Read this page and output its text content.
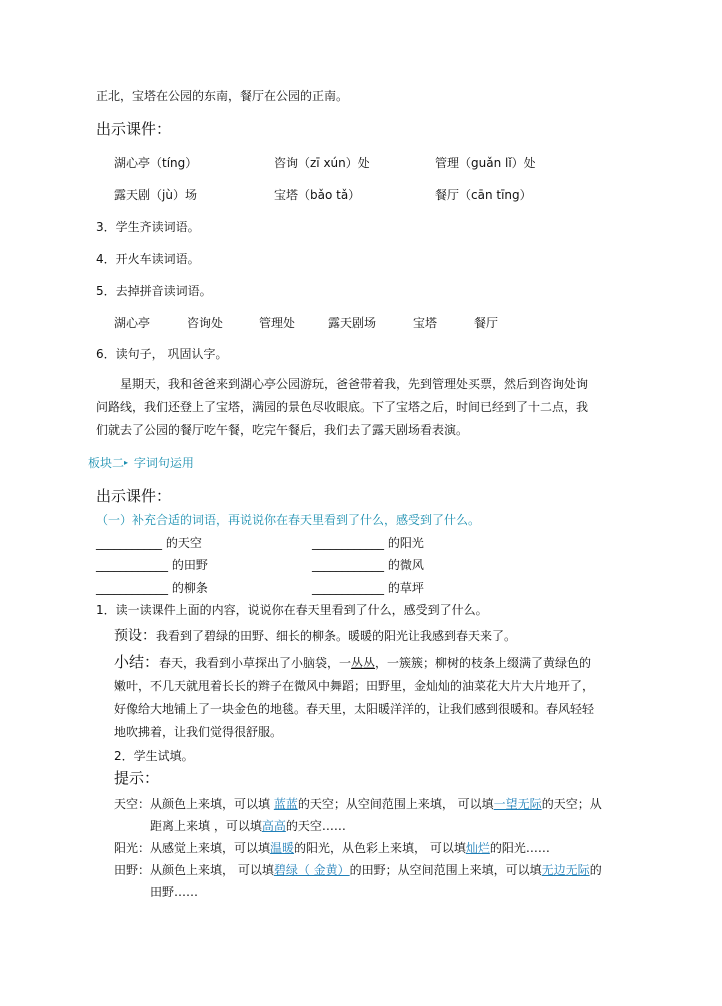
正北，宝塔在公园的东南，餐厅在公园的正南。
出示课件：
湖心亭（tíng）	咨询（zī xún）处	管理（guǎn lǐ）处
露天剧（jù）场	宝塔（bǎo tǎ）	餐厅（cān tīng）
3．学生齐读词语。
4．开火车读词语。
5．去掉拼音读词语。
湖心亭	咨询处	管理处	露天剧场	宝塔	餐厅
6．读句子， 巩固认字。
星期天，我和爸爸来到湖心亭公园游玩，爸爸带着我，先到管理处买票，然后到咨询处询
问路线，我们还登上了宝塔，满园的景色尽收眼底。下了宝塔之后，时间已经到了十二点，我
们就去了公园的餐厅吃午餐，吃完午餐后，我们去了露天剧场看表演。
板块二▸ 字词句运用
出示课件：
（一）补充合适的词语，再说说你在春天里看到了什么，感受到了什么。
___________ 的天空	____________ 的阳光
____________ 的田野	____________ 的微风
____________ 的柳条	____________ 的草坪
1．读一读课件上面的内容，说说你在春天里看到了什么，感受到了什么。
预设：我看到了碧绿的田野、细长的柳条。暖暖的阳光让我感到春天来了。
小结：春天，我看到小草探出了小脑袋，一丛丛，一簇簇；柳树的枝条上缀满了黄绿色的
嫩叶，不几天就甩着长长的辫子在微风中舞蹈；田野里，金灿灿的油菜花大片大片地开了，
好像给大地铺上了一块金色的地毯。春天里，太阳暖洋洋的，让我们感到很暖和。春风轻轻
地吹拂着，让我们觉得很舒服。
2．学生试填。
提示：
天空：从颜色上来填，可以填 蓝蓝的天空；从空间范围上来填， 可以填一望无际的天空；从
距离上来填 ，可以填高高的天空……
阳光：从感觉上来填，可以填温暖的阳光，从色彩上来填， 可以填灿烂的阳光……
田野：从颜色上来填， 可以填碧绿（ 金黄）的田野；从空间范围上来填，可以填无边无际的
田野……
